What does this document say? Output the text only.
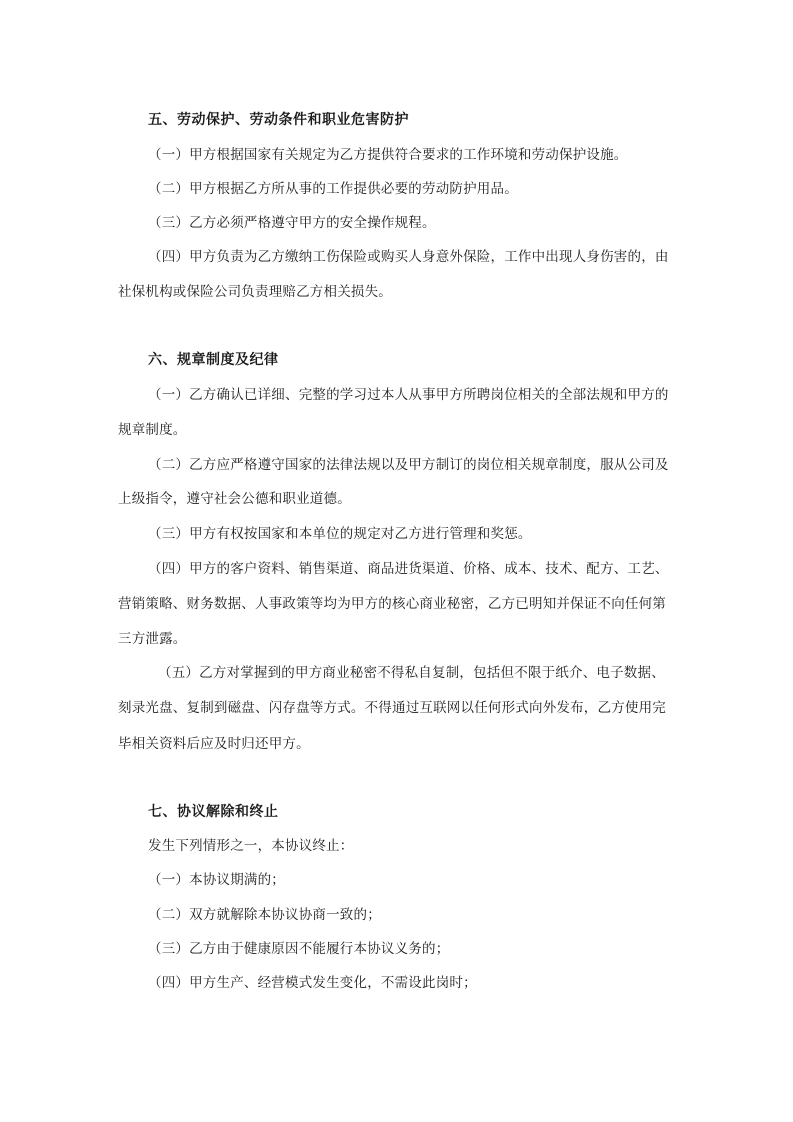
五、劳动保护、劳动条件和职业危害防护
（一）甲方根据国家有关规定为乙方提供符合要求的工作环境和劳动保护设施。
（二）甲方根据乙方所从事的工作提供必要的劳动防护用品。
（三）乙方必须严格遵守甲方的安全操作规程。
（四）甲方负责为乙方缴纳工伤保险或购买人身意外保险，工作中出现人身伤害的，由
社保机构或保险公司负责理赔乙方相关损失。
六、规章制度及纪律
（一）乙方确认已详细、完整的学习过本人从事甲方所聘岗位相关的全部法规和甲方的
规章制度。
（二）乙方应严格遵守国家的法律法规以及甲方制订的岗位相关规章制度，服从公司及
上级指令，遵守社会公德和职业道德。
（三）甲方有权按国家和本单位的规定对乙方进行管理和奖惩。
（四）甲方的客户资料、销售渠道、商品进货渠道、价格、成本、技术、配方、工艺、
营销策略、财务数据、人事政策等均为甲方的核心商业秘密，乙方已明知并保证不向任何第
三方泄露。
（五）乙方对掌握到的甲方商业秘密不得私自复制，包括但不限于纸介、电子数据、
刻录光盘、复制到磁盘、闪存盘等方式。不得通过互联网以任何形式向外发布，乙方使用完
毕相关资料后应及时归还甲方。
七、协议解除和终止
发生下列情形之一，本协议终止：
（一）本协议期满的；
（二）双方就解除本协议协商一致的；
（三）乙方由于健康原因不能履行本协议义务的；
（四）甲方生产、经营模式发生变化，不需设此岗时；
